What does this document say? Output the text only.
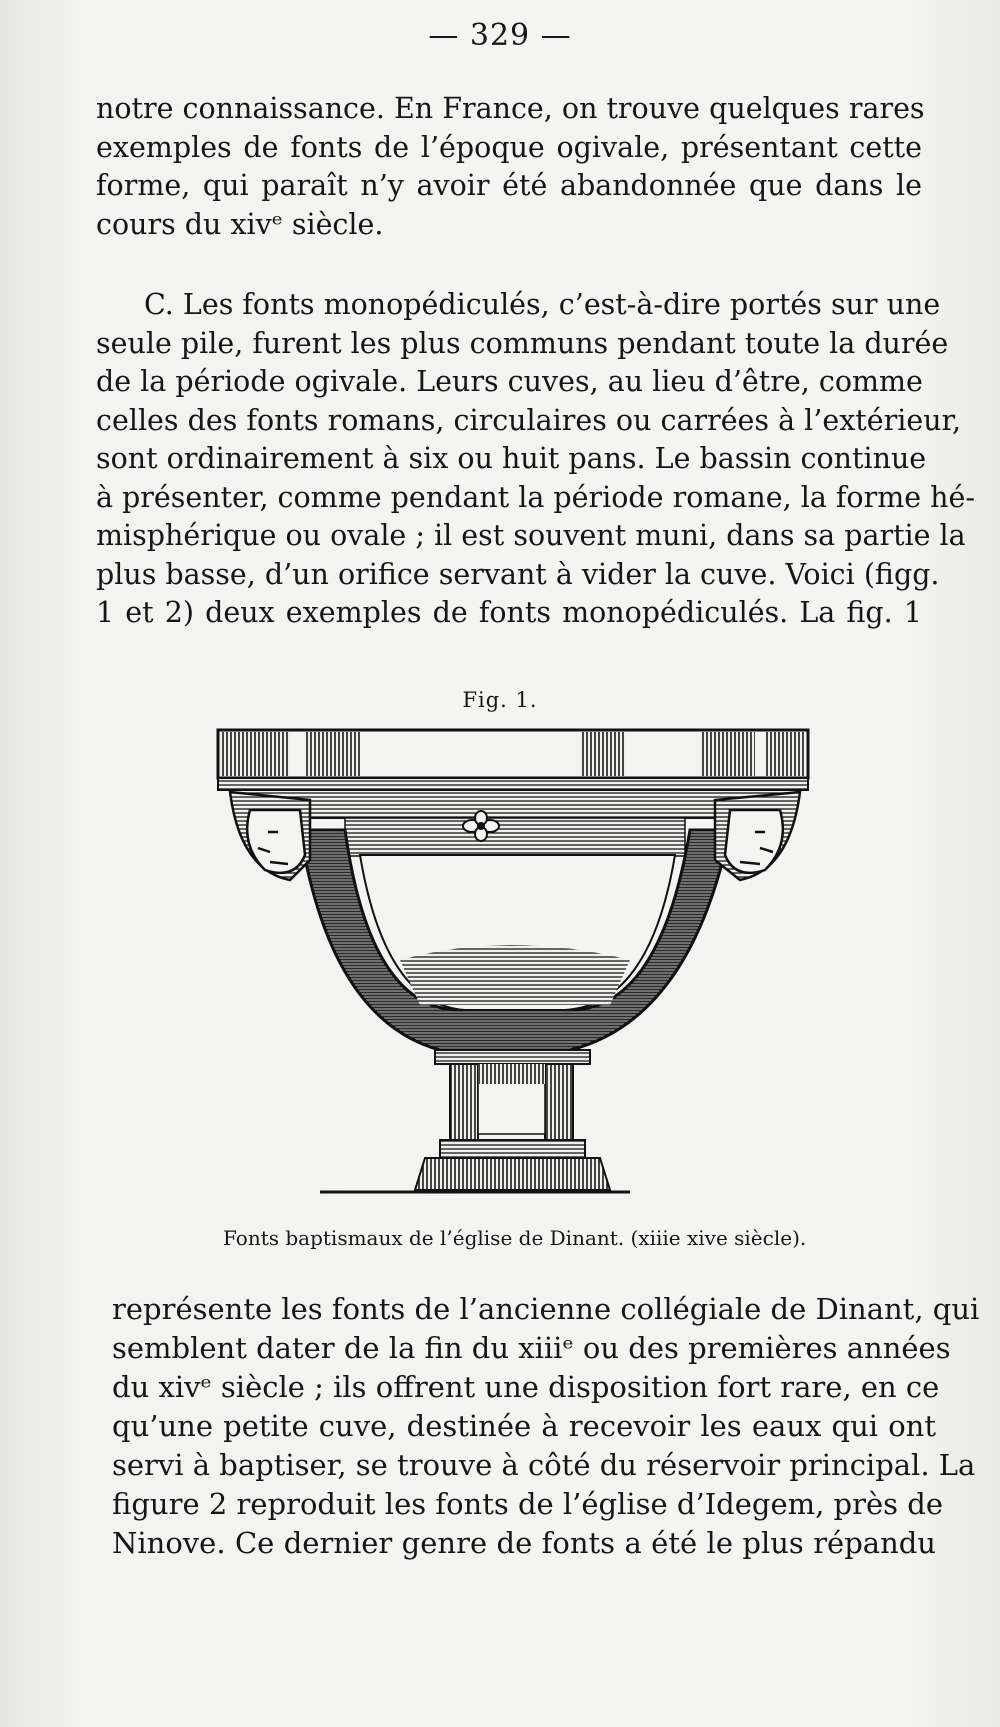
— 329 —
notre connaissance. En France, on trouve quelques rares
exemples de fonts de l’époque ogivale, présentant cette
forme, qui paraît n’y avoir été abandonnée que dans le
cours du xivᵉ siècle.
C. Les fonts monopédiculés, c’est-à-dire portés sur une
seule pile, furent les plus communs pendant toute la durée
de la période ogivale. Leurs cuves, au lieu d’être, comme
celles des fonts romans, circulaires ou carrées à l’extérieur,
sont ordinairement à six ou huit pans. Le bassin continue
à présenter, comme pendant la période romane, la forme hé-
misphérique ou ovale ; il est souvent muni, dans sa partie la
plus basse, d’un orifice servant à vider la cuve. Voici (figg.
1 et 2) deux exemples de fonts monopédiculés. La fig. 1
Fig. 1.
Fonts baptismaux de l’église de Dinant. (xiiie xive siècle).
représente les fonts de l’ancienne collégiale de Dinant, qui
semblent dater de la fin du xiiiᵉ ou des premières années
du xivᵉ siècle ; ils offrent une disposition fort rare, en ce
qu’une petite cuve, destinée à recevoir les eaux qui ont
servi à baptiser, se trouve à côté du réservoir principal. La
figure 2 reproduit les fonts de l’église d’Idegem, près de
Ninove. Ce dernier genre de fonts a été le plus répandu
